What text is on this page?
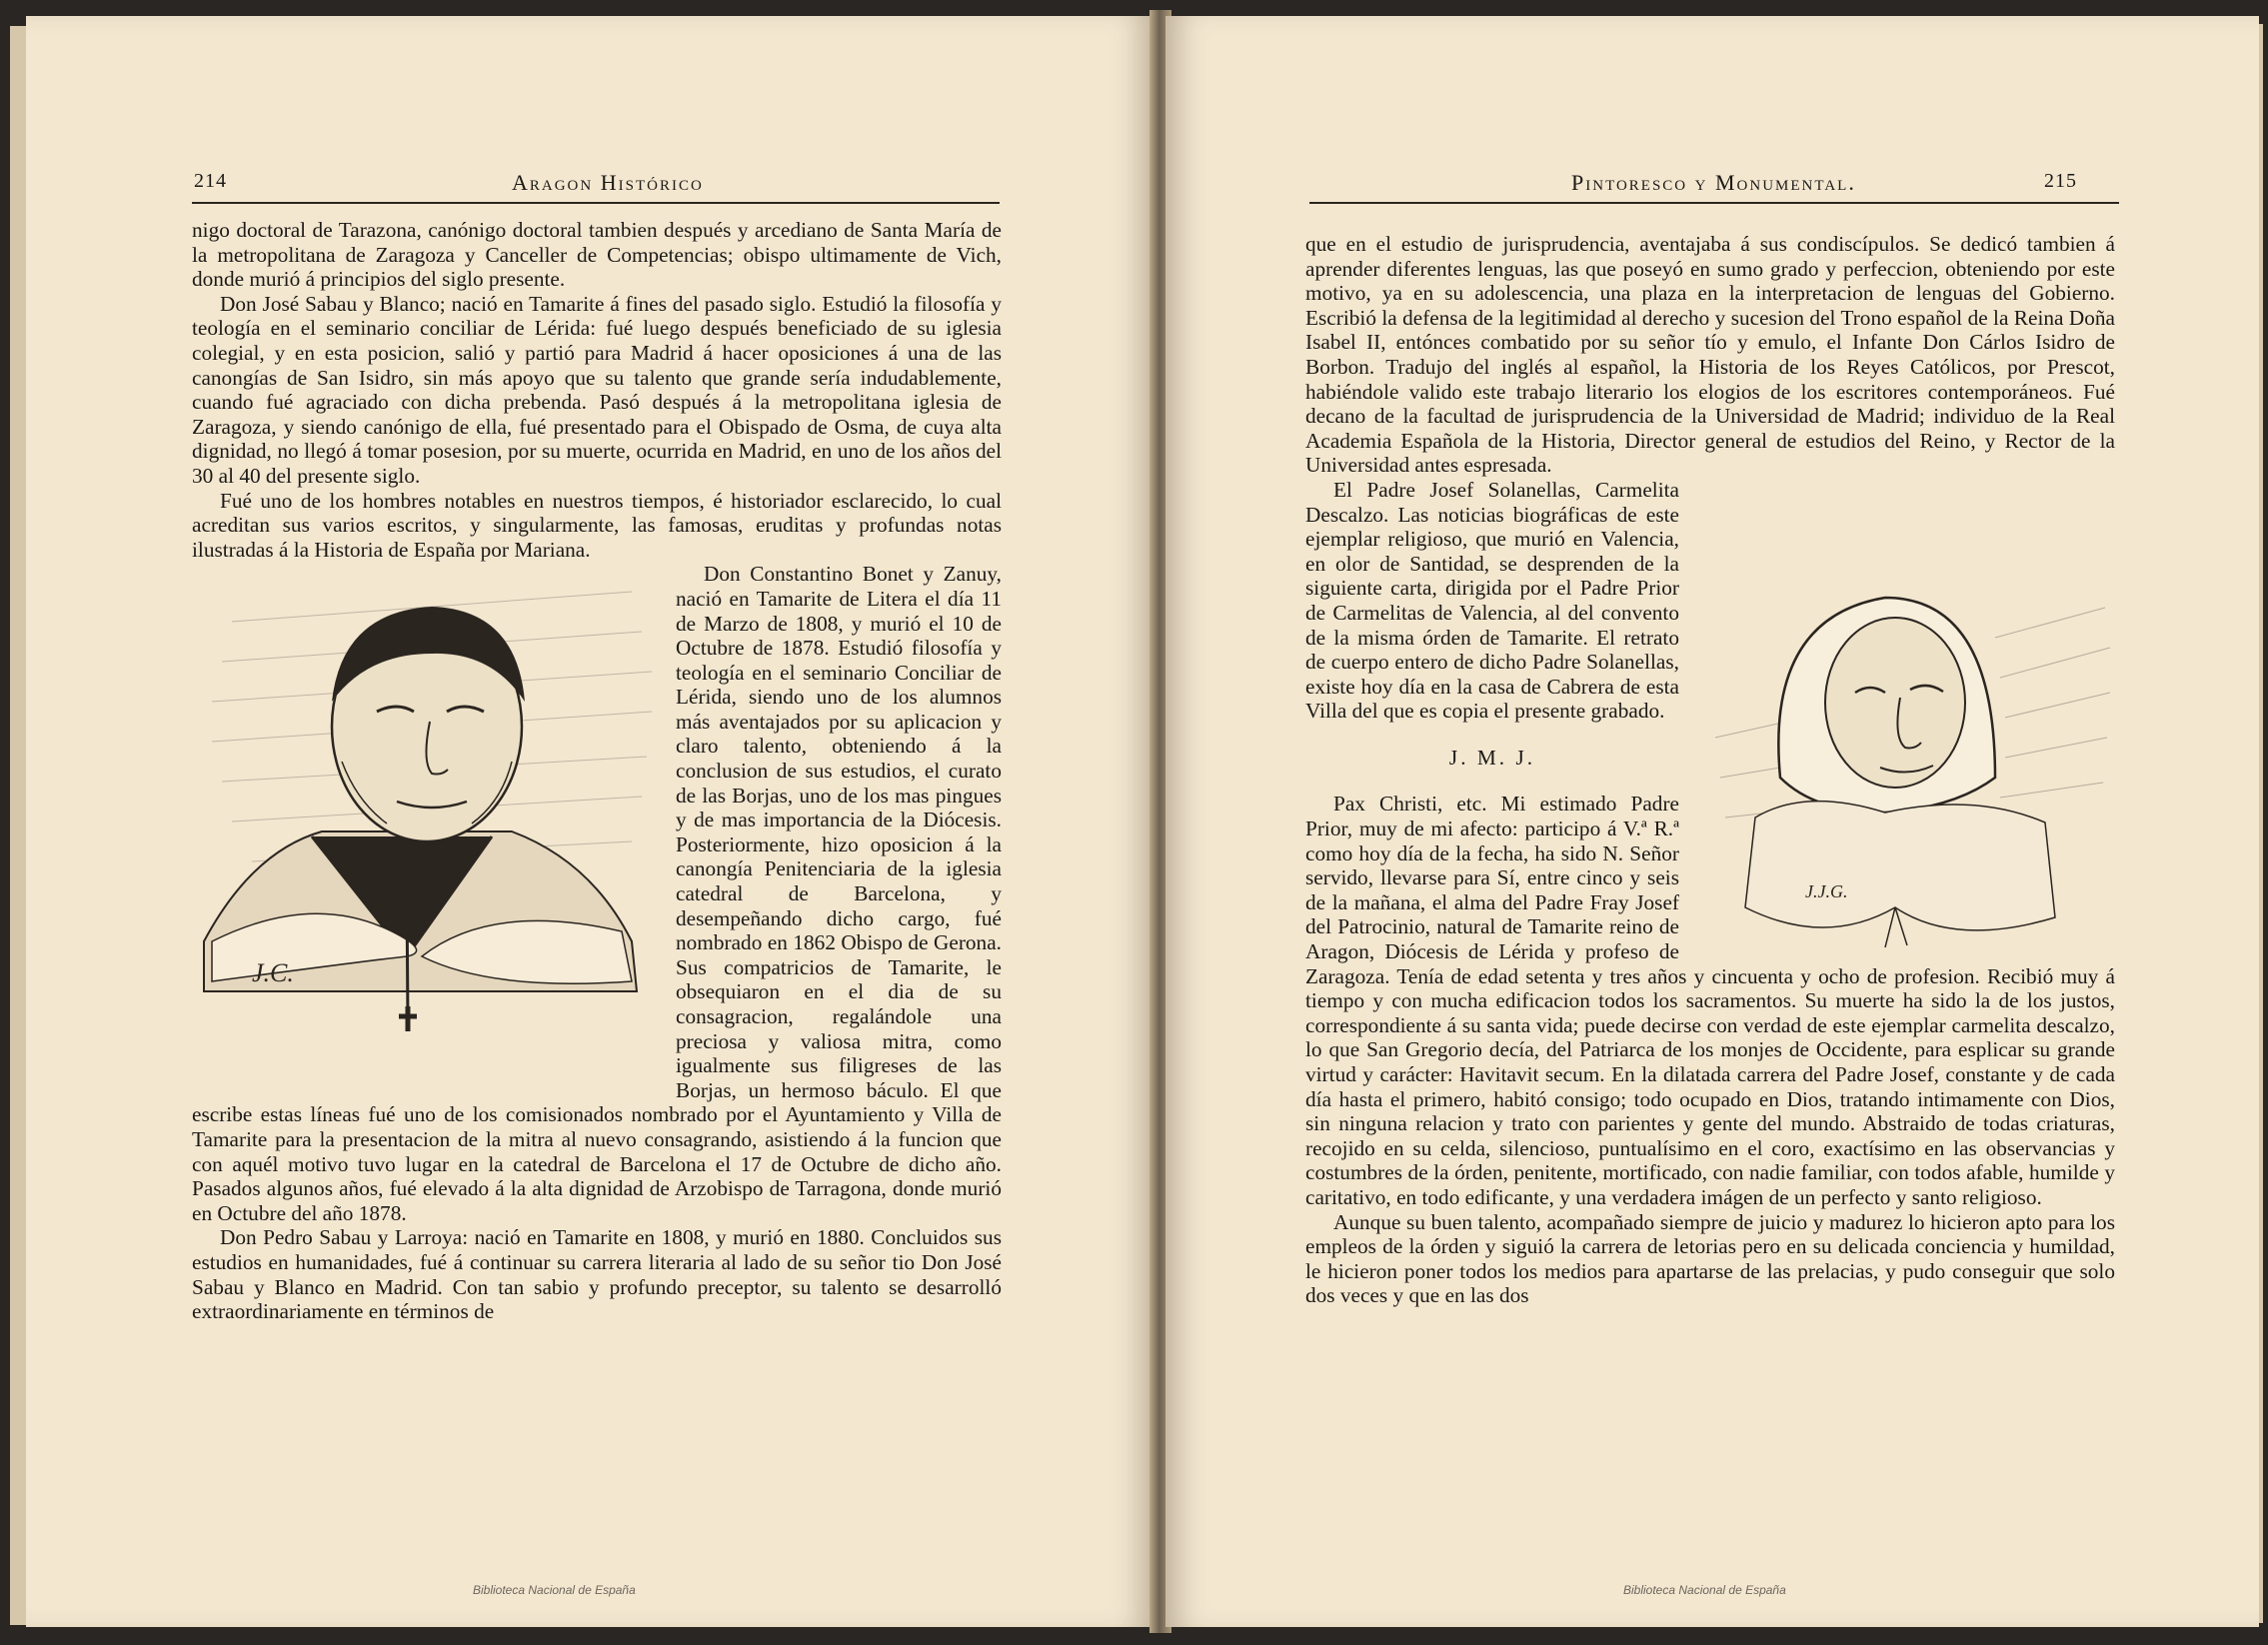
214	Aragon Histórico

nigo doctoral de Tarazona, canónigo doctoral tambien después y arcediano de Santa María de la metropolitana de Zaragoza y Canceller de Competencias; obispo ultimamente de Vich, donde murió á principios del siglo presente.

Don José Sabau y Blanco; nació en Tamarite á fines del pasado siglo. Estudió la filosofía y teología en el seminario conciliar de Lérida: fué luego después beneficiado de su iglesia colegial, y en esta posicion, salió y partió para Madrid á hacer oposiciones á una de las canongías de San Isidro, sin más apoyo que su talento que grande sería indudablemente, cuando fué agraciado con dicha prebenda. Pasó después á la metropolitana iglesia de Zaragoza, y siendo canónigo de ella, fué presentado para el Obispado de Osma, de cuya alta dignidad, no llegó á tomar posesion, por su muerte, ocurrida en Madrid, en uno de los años del 30 al 40 del presente siglo.

Fué uno de los hombres notables en nuestros tiempos, é historiador esclarecido, lo cual acreditan sus varios escritos, y singularmente, las famosas, eruditas y profundas notas ilustradas á la Historia de España por Mariana.

J.C.

Don Constantino Bonet y Zanuy, nació en Tamarite de Litera el día 11 de Marzo de 1808, y murió el 10 de Octubre de 1878. Estudió filosofía y teología en el seminario Conciliar de Lérida, siendo uno de los alumnos más aventajados por su aplicacion y claro talento, obteniendo á la conclusion de sus estudios, el curato de las Borjas, uno de los mas pingues y de mas importancia de la Diócesis. Posteriormente, hizo oposicion á la canongía Penitenciaria de la iglesia catedral de Barcelona, y desempeñando dicho cargo, fué nombrado en 1862 Obispo de Gerona. Sus compatricios de Tamarite, le obsequiaron en el dia de su consagracion, regalándole una preciosa y valiosa mitra, como igualmente sus filigreses de las Borjas, un hermoso báculo. El que escribe estas líneas fué uno de los comisionados nombrado por el Ayuntamiento y Villa de Tamarite para la presentacion de la mitra al nuevo consagrando, asistiendo á la funcion que con aquél motivo tuvo lugar en la catedral de Barcelona el 17 de Octubre de dicho año. Pasados algunos años, fué elevado á la alta dignidad de Arzobispo de Tarragona, donde murió en Octubre del año 1878.

Don Pedro Sabau y Larroya: nació en Tamarite en 1808, y murió en 1880. Concluidos sus estudios en humanidades, fué á continuar su carrera literaria al lado de su señor tio Don José Sabau y Blanco en Madrid. Con tan sabio y profundo preceptor, su talento se desarrolló extraordinariamente en términos de

Biblioteca Nacional de España
Pintoresco y Monumental.	215

que en el estudio de jurisprudencia, aventajaba á sus condiscípulos. Se dedicó tambien á aprender diferentes lenguas, las que poseyó en sumo grado y perfeccion, obteniendo por este motivo, ya en su adolescencia, una plaza en la interpretacion de lenguas del Gobierno. Escribió la defensa de la legitimidad al derecho y sucesion del Trono español de la Reina Doña Isabel II, entónces combatido por su señor tío y emulo, el Infante Don Cárlos Isidro de Borbon. Tradujo del inglés al español, la Historia de los Reyes Católicos, por Prescot, habiéndole valido este trabajo literario los elogios de los escritores contemporáneos. Fué decano de la facultad de jurisprudencia de la Universidad de Madrid; individuo de la Real Academia Española de la Historia, Director general de estudios del Reino, y Rector de la Universidad antes espresada.

J.J.G.

El Padre Josef Solanellas, Carmelita Descalzo. Las noticias biográficas de este ejemplar religioso, que murió en Valencia, en olor de Santidad, se desprenden de la siguiente carta, dirigida por el Padre Prior de Carmelitas de Valencia, al del convento de la misma órden de Tamarite. El retrato de cuerpo entero de dicho Padre Solanellas, existe hoy día en la casa de Cabrera de esta Villa del que es copia el presente grabado.

J. M. J.

Pax Christi, etc. Mi estimado Padre Prior, muy de mi afecto: participo á V.ª R.ª como hoy día de la fecha, ha sido N. Señor servido, llevarse para Sí, entre cinco y seis de la mañana, el alma del Padre Fray Josef del Patrocinio, natural de Tamarite reino de Aragon, Diócesis de Lérida y profeso de Zaragoza. Tenía de edad setenta y tres años y cincuenta y ocho de profesion. Recibió muy á tiempo y con mucha edificacion todos los sacramentos. Su muerte ha sido la de los justos, correspondiente á su santa vida; puede decirse con verdad de este ejemplar carmelita descalzo, lo que San Gregorio decía, del Patriarca de los monjes de Occidente, para esplicar su grande virtud y carácter: Havitavit secum. En la dilatada carrera del Padre Josef, constante y de cada día hasta el primero, habitó consigo; todo ocupado en Dios, tratando intimamente con Dios, sin ninguna relacion y trato con parientes y gente del mundo. Abstraido de todas criaturas, recojido en su celda, silencioso, puntualísimo en el coro, exactísimo en las observancias y costumbres de la órden, penitente, mortificado, con nadie familiar, con todos afable, humilde y caritativo, en todo edificante, y una verdadera imágen de un perfecto y santo religioso.

Aunque su buen talento, acompañado siempre de juicio y madurez lo hicieron apto para los empleos de la órden y siguió la carrera de letorias pero en su delicada conciencia y humildad, le hicieron poner todos los medios para apartarse de las prelacias, y pudo conseguir que solo dos veces y que en las dos

Biblioteca Nacional de España
